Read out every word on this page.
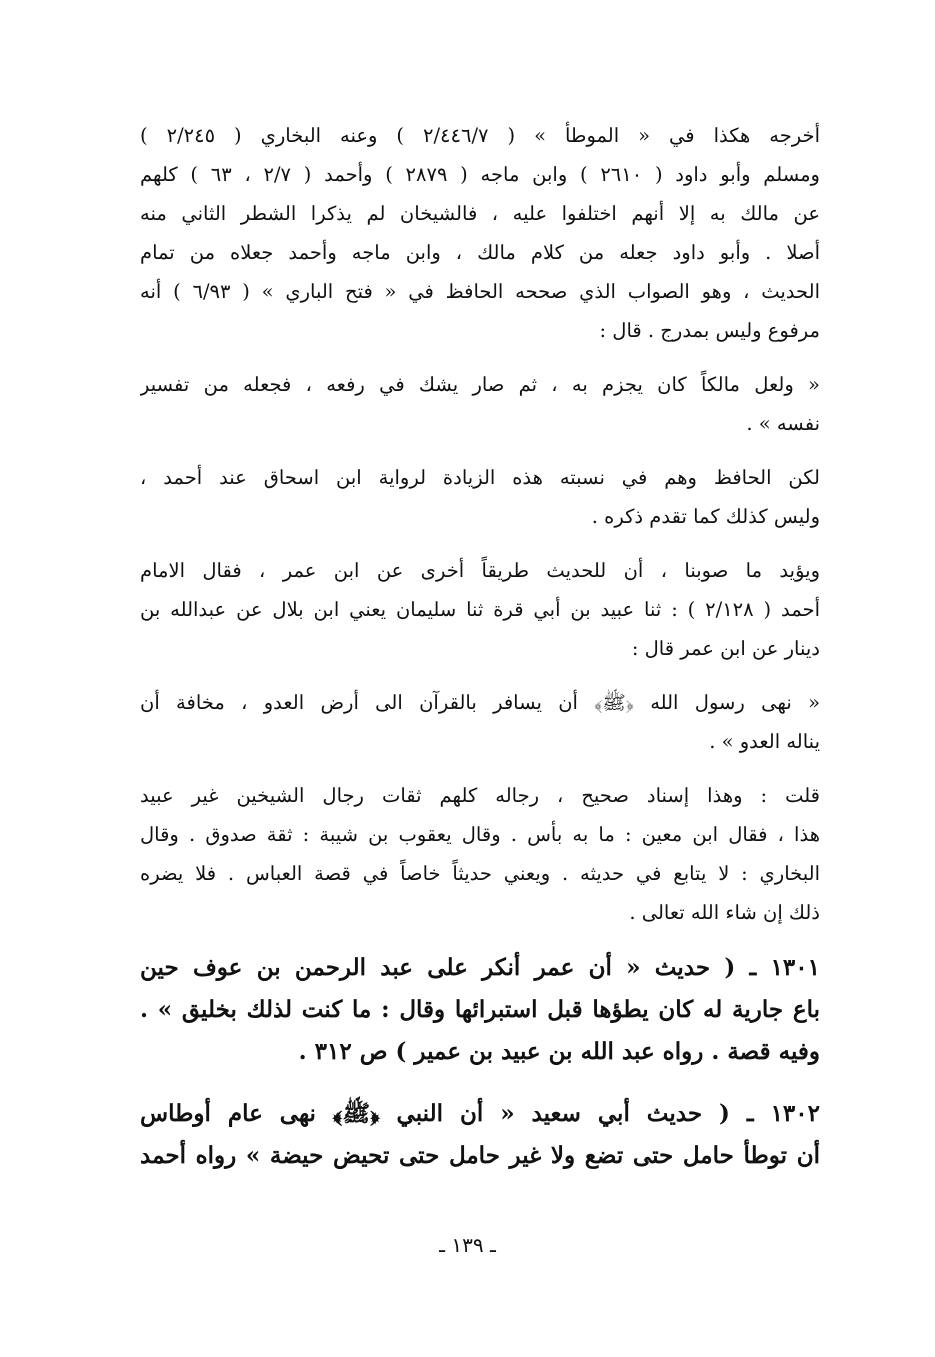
أخرجه هكذا في « الموطأ » ( ٢/٤٤٦/٧ ) وعنه البخاري ( ٢/٢٤٥ )
ومسلم وأبو داود ( ٢٦١٠ ) وابن ماجه ( ٢٨٧٩ ) وأحمد ( ٢/٧ ، ٦٣ ) كلهم
عن مالك به إلا أنهم اختلفوا عليه ، فالشيخان لم يذكرا الشطر الثاني منه
أصلا . وأبو داود جعله من كلام مالك ، وابن ماجه وأحمد جعلاه من تمام
الحديث ، وهو الصواب الذي صححه الحافظ في « فتح الباري » ( ٦/٩٣ ) أنه
مرفوع وليس بمدرج . قال :
« ولعل مالكاً كان يجزم به ، ثم صار يشك في رفعه ، فجعله من تفسير
نفسه » .
لكن الحافظ وهم في نسبته هذه الزيادة لرواية ابن اسحاق عند أحمد ،
وليس كذلك كما تقدم ذكره .
ويؤيد ما صوبنا ، أن للحديث طريقاً أخرى عن ابن عمر ، فقال الامام
أحمد ( ٢/١٢٨ ) : ثنا عبيد بن أبي قرة ثنا سليمان يعني ابن بلال عن عبدالله بن
دينار عن ابن عمر قال :
« نهى رسول الله ﴿ﷺ﴾ أن يسافر بالقرآن الى أرض العدو ، مخافة أن
يناله العدو » .
قلت : وهذا إسناد صحيح ، رجاله كلهم ثقات رجال الشيخين غير عبيد
هذا ، فقال ابن معين : ما به بأس . وقال يعقوب بن شيبة : ثقة صدوق . وقال
البخاري : لا يتابع في حديثه . ويعني حديثاً خاصاً في قصة العباس . فلا يضره
ذلك إن شاء الله تعالى .
١٣٠١ ـ ( حديث « أن عمر أنكر على عبد الرحمن بن عوف حين
باع جارية له كان يطؤها قبل استبرائها وقال : ما كنت لذلك بخليق » .
وفيه قصة . رواه عبد الله بن عبيد بن عمير ) ص ٣١٢ .
١٣٠٢ ـ ( حديث أبي سعيد « أن النبي ﴿ﷺ﴾ نهى عام أوطاس
أن توطأ حامل حتى تضع ولا غير حامل حتى تحيض حيضة » رواه أحمد
ـ ١٣٩ ـ
